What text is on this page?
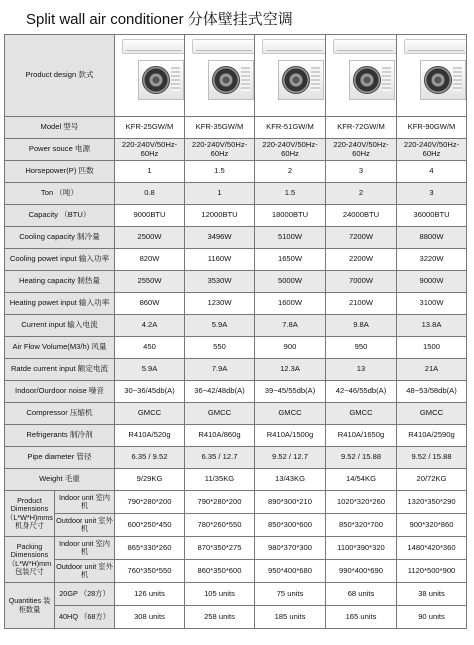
Split wall air conditioner 分体壁挂式空调
Product design 款式		

Model 型号		KFR-25GW/M	KFR-35GW/M	KFR-51GW/M	KFR-72GW/M	KFR-90GW/M
Power souce 电源		220-240V/50Hz-60Hz	220-240V/50Hz-60Hz	220-240V/50Hz-60Hz	220-240V/50Hz-60Hz	220-240V/50Hz-60Hz
Horsepower(P) 匹数		1	1.5	2	3	4
Ton （吨）		0.8	1	1.5	2	3
Capacity （BTU）		9000BTU	12000BTU	18000BTU	24000BTU	36000BTU
Cooling capacity 制冷量		2500W	3496W	5100W	7200W	8800W
Cooling powet input 输入功率		820W	1160W	1650W	2200W	3220W
Heating capacity 制热量		2550W	3530W	5000W	7000W	9000W
Heating powet input 输入功率		860W	1230W	1600W	2100W	3100W
Current input 输入电流		4.2A	5.9A	7.8A	9.8A	13.8A
Air Flow Volume(M3/h) 风量		450	550	900	950	1500
Ratde current input 额定电流		5.9A	7.9A	12.3A	13	21A
Indoor/Ourdoor noise 噪音		30~36/45db(A)	36~42/48db(A)	39~45/55db(A)	42~46/55db(A)	48~53/58db(A)
Compressor 压缩机		GMCC	GMCC	GMCC	GMCC	GMCC
Refrigerants 制冷剂		R410A/520g	R410A/860g	R410A/1500g	R410A/1650g	R410A/2590g
Pipe diameter 管径		6.35 / 9.52	6.35 / 12.7	9.52 / 12.7	9.52 / 15.88	9.52 / 15.88
Weight 毛重		9/29KG	11/35KG	13/43KG	14/54KG	20/72KG
Product Dimensions （L*W*H)mms 机身尺寸	Indoor unit 室内机	790*280*200	790*280*200	890*300*210	1020*320*260	1320*350*290
	Outdoor unit 室外机	600*250*450	780*260*550	850*300*600	850*320*700	900*320*860
Packing Dimensions （L*W*H)mm 包装尺寸	Indoor unit 室内机	865*330*260	870*350*275	980*370*300	1100*390*320	1480*420*360
	Outdoor unit 室外机	760*350*550	860*350*600	950*400*680	990*400*690	1120*500*900
Quantities 装柜数量	20GP （28方）	126 units	105 units	75 units	68 units	38 units
	40HQ （68方）	308 units	258 units	185 units	165 units	90 units
